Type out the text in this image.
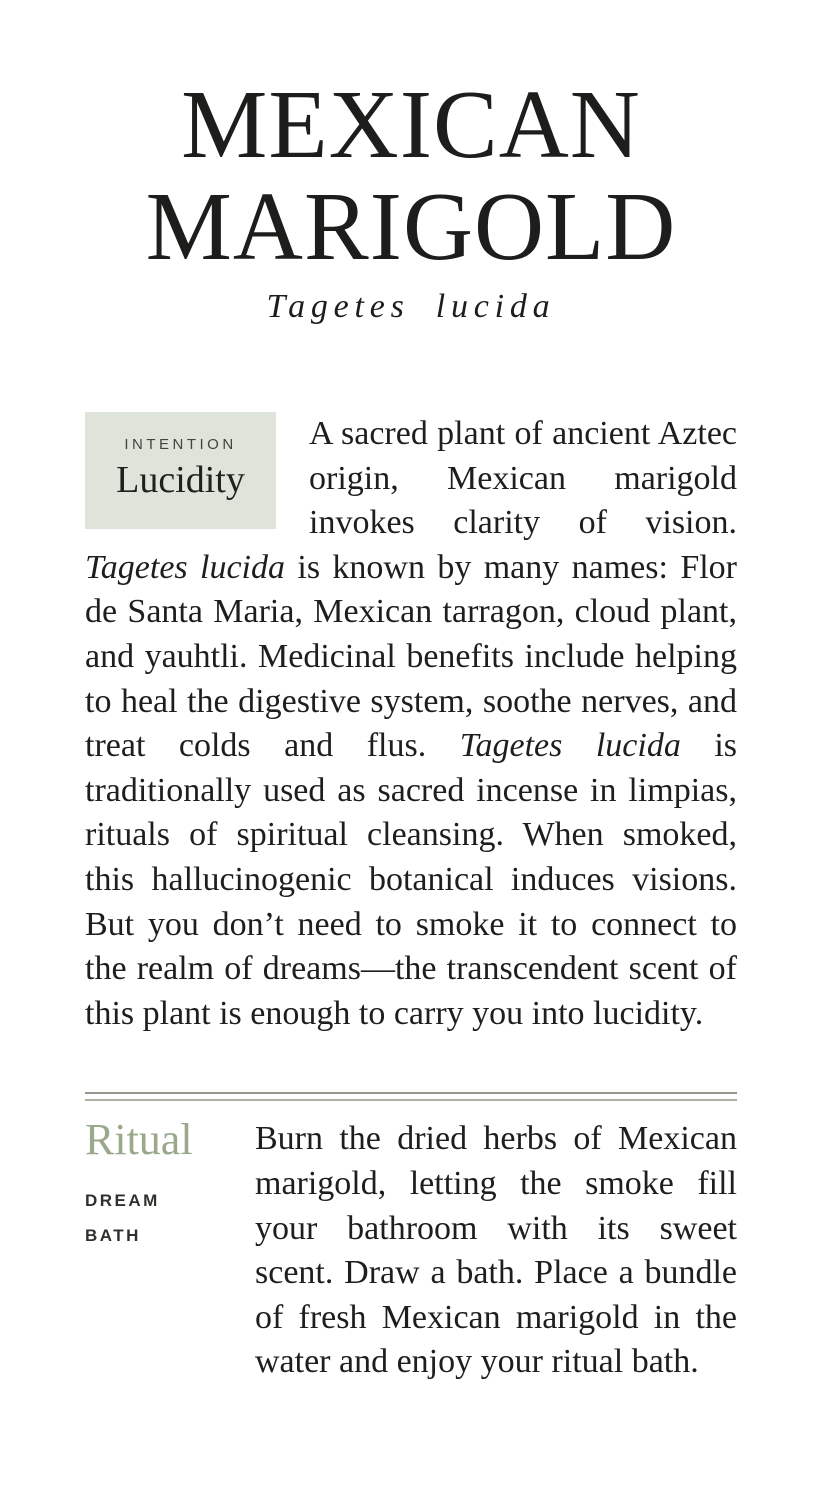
MEXICAN
MARIGOLD
Tagetes lucida
INTENTION
Lucidity

A sacred plant of ancient Aztec origin, Mexican marigold invokes clarity of vision. Tagetes lucida is known by many names: Flor de Santa Maria, Mexican tarragon, cloud plant, and yauhtli. Medicinal benefits include helping to heal the digestive system, soothe nerves, and treat colds and flus. Tagetes lucida is traditionally used as sacred incense in limpias, rituals of spiritual cleansing. When smoked, this hallucinogenic botanical induces visions. But you don’t need to smoke it to connect to the realm of dreams—the transcendent scent of this plant is enough to carry you into lucidity.

Ritual
DREAM
BATH

Burn the dried herbs of Mexican marigold, letting the smoke fill your bathroom with its sweet scent. Draw a bath. Place a bundle of fresh Mexican marigold in the water and enjoy your ritual bath.
